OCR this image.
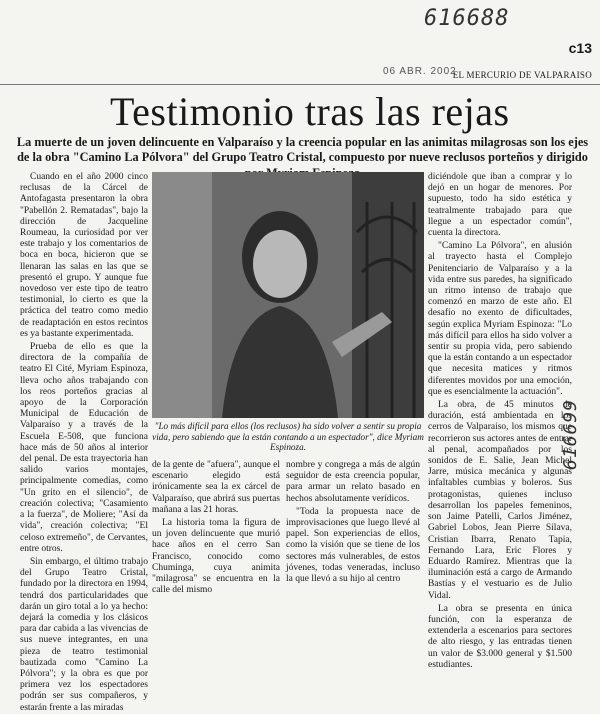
616688
c13
06 ABR. 2002
EL MERCURIO DE VALPARAISO
Testimonio tras las rejas
La muerte de un joven delincuente en Valparaíso y la creencia popular en las animitas milagrosas son los ejes de la obra "Camino La Pólvora" del Grupo Teatro Cristal, compuesto por nueve reclusos porteños y dirigido

Cuando en el año 2000 cinco reclusas de la Cárcel de Antofagasta presentaron la obra "Pabellón 2. Rematadas", bajo la dirección de Jacqueline Roumeau, la curiosidad por ver este trabajo y los comentarios de boca en boca, hicieron que se llenaran las salas en las que se presentó el grupo. Y aunque fue novedoso ver este tipo de teatro testimonial, lo cierto es que la práctica del teatro como medio de readaptación en estos recintos es ya bastante experimentada.

Prueba de ello es que la directora de la compañía de teatro El Cité, Myriam Espinoza, lleva ocho años trabajando con los reos porteños gracias al apoyo de la Corporación Municipal de Educación de Valparaíso y a través de la Escuela E-508, que funciona hace más de 50 años al interior del penal. De esta trayectoria han salido varios montajes, principalmente comedias, como "Un grito en el silencio", de creación colectiva; "Casamiento a la fuerza", de Moliere; "Así da vida", creación colectiva; "El celoso extremeño", de Cervantes, entre otros.

Sin embargo, el último trabajo del Grupo Teatro Cristal, fundado por la directora en 1994, tendrá dos particularidades que darán un giro total a lo ya hecho: dejará la comedia y los clásicos para dar cabida a las vivencias de sus nueve integrantes, en una pieza de teatro testimonial bautizada como "Camino La Pólvora"; y la obra es que por primera vez los espectadores podrán ser sus compañeros, y estarán frente a las miradas

"Lo más difícil para ellos (los reclusos) ha sido volver a sentir su propia vida, pero sabiendo que la están contando a un espectador", dice Myriam Espinoza.

de la gente de "afuera", aunque el escenario elegido está irónicamente sea la ex cárcel de Valparaíso, que abrirá sus puertas mañana a las 21 horas.

La historia toma la figura de un joven delincuente que murió hace años en el cerro San Francisco, conocido como Chuminga, cuya animita "milagrosa" se encuentra en la calle del mismo

nombre y congrega a más de algún seguidor de esta creencia popular, para armar un relato basado en hechos absolutamente verídicos.

"Toda la propuesta nace de improvisaciones que luego llevé al papel. Son experiencias de ellos, como la visión que se tiene de los sectores más vulnerables, de estos jóvenes, todas veneradas, incluso la que llevó a su hijo al centro

diciéndole que iban a comprar y lo dejó en un hogar de menores. Por supuesto, todo ha sido estética y teatralmente trabajado para que llegue a un espectador común", cuenta la directora.

"Camino La Pólvora", en alusión al trayecto hasta el Complejo Penitenciario de Valparaíso y a la vida entre sus paredes, ha significado un ritmo intenso de trabajo que comenzó en marzo de este año. El desafío no exento de dificultades, según explica Myriam Espinoza: "Lo más difícil para ellos ha sido volver a sentir su propia vida, pero sabiendo que la están contando a un espectador que necesita matices y ritmos diferentes movidos por una emoción, que es esencialmente la actuación".

La obra, de 45 minutos de duración, está ambientada en los cerros de Valparaíso, los mismos que recorrieron sus actores antes de entrar al penal, acompañados por los sonidos de E. Salie, Jean Michel Jarre, música mecánica y algunas infaltables cumbias y boleros. Sus protagonistas, quienes incluso desarrollan los papeles femeninos, son Jaime Patelli, Carlos Jiménez, Gabriel Lobos, Jean Pierre Silava, Cristian Ibarra, Renato Tapia, Fernando Lara, Eric Flores y Eduardo Ramírez. Mientras que la iluminación está a cargo de Armando Bastías y el vestuario es de Julio Vidal.

La obra se presenta en única función, con la esperanza de extenderla a escenarios para sectores de alto riesgo, y las entradas tienen un valor de $3.000 general y $1.500 estudiantes.

616699
